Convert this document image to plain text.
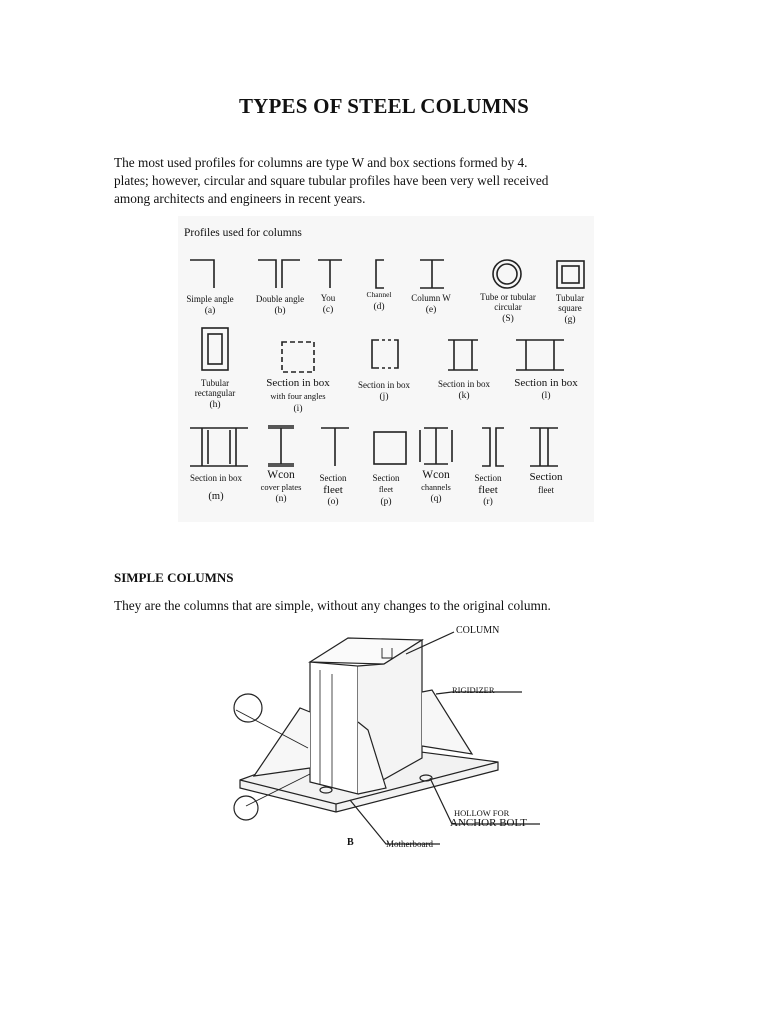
TYPES OF STEEL COLUMNS

The most used profiles for columns are type W and box sections formed by 4. plates; however, circular and square tubular profiles have been very well received among architects and engineers in recent years.

Profiles used for columns
Simple angle
(a)
Double angle
(b)
You
(c)
Channel
(d)
Column W
(e)
Tube or tubular circular
(S)
Tubular square
(g)
Tubular rectangular
(h)
Section in box
with four angles
(i)
Section in box
(j)
Section in box
(k)
Section in box
(l)
Section in box
(m)
Wcon
cover plates
(n)
Section
fleet
(o)
Section
fleet
(p)
Wcon
channels
(q)
Section
fleet
(r)
Section
fleet
SIMPLE COLUMNS

They are the columns that are simple, without any changes to the original column.

COLUMN
RIGIDIZER
HOLLOW FOR
ANCHOR BOLT
B	Motherboard
